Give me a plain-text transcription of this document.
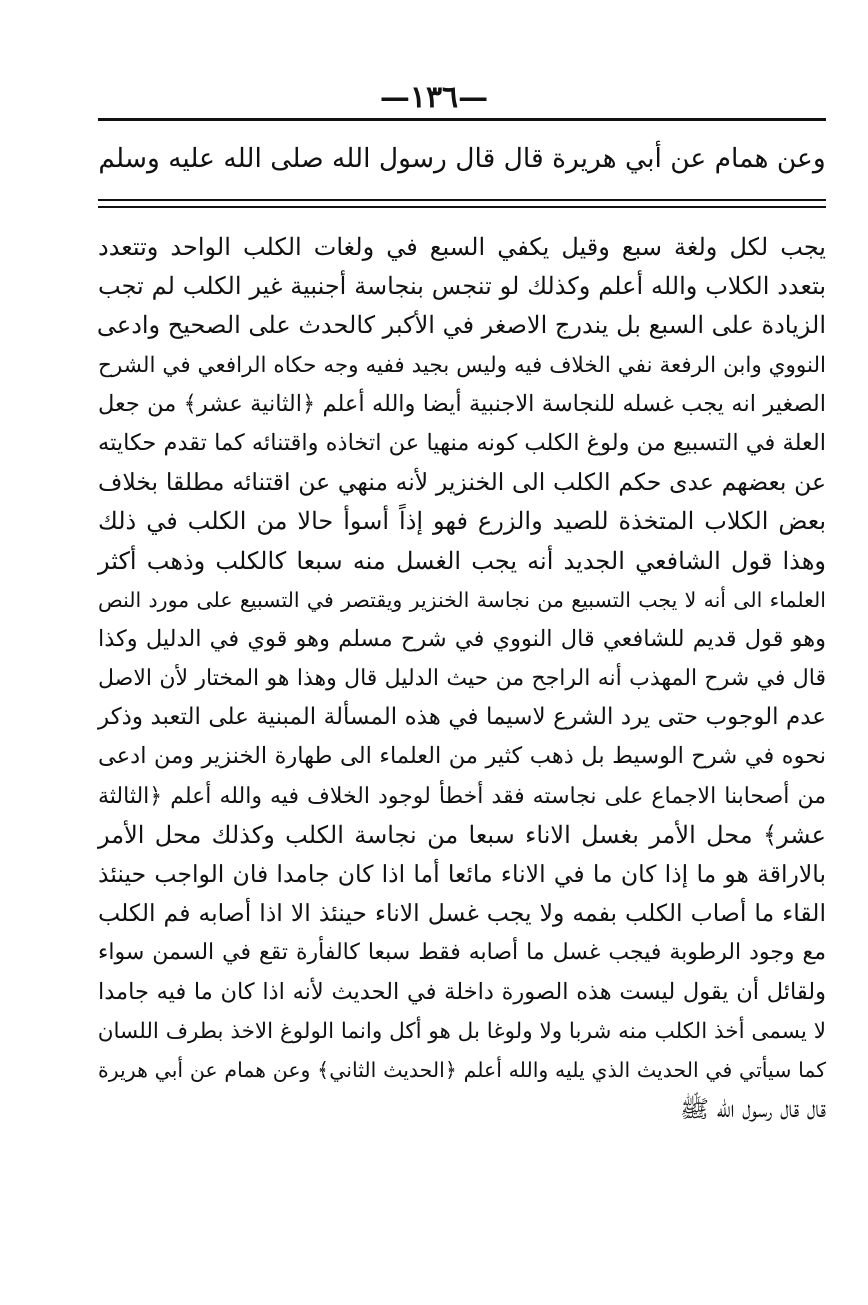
—١٣٦—
وعن همام عن أبي هريرة قال قال رسول الله صلى الله عليه وسلم
يجب لكل ولغة سبع وقيل يكفي السبع في ولغات الكلب الواحد وتتعدد
بتعدد الكلاب والله أعلم وكذلك لو تنجس بنجاسة أجنبية غير الكلب لم تجب
الزيادة على السبع بل يندرج الاصغر في الأكبر كالحدث على الصحيح وادعى
النووي وابن الرفعة نفي الخلاف فيه وليس بجيد ففيه وجه حكاه الرافعي في الشرح
الصغير انه يجب غسله للنجاسة الاجنبية أيضا والله أعلم ﴿الثانية عشر﴾ من جعل
العلة في التسبيع من ولوغ الكلب كونه منهيا عن اتخاذه واقتنائه كما تقدم حكايته
عن بعضهم عدى حكم الكلب الى الخنزير لأنه منهي عن اقتنائه مطلقا بخلاف
بعض الكلاب المتخذة للصيد والزرع فهو إذاً أسوأ حالا من الكلب في ذلك
وهذا قول الشافعي الجديد أنه يجب الغسل منه سبعا كالكلب وذهب أكثر
العلماء الى أنه لا يجب التسبيع من نجاسة الخنزير ويقتصر في التسبيع على مورد النص
وهو قول قديم للشافعي قال النووي في شرح مسلم وهو قوي في الدليل وكذا
قال في شرح المهذب أنه الراجح من حيث الدليل قال وهذا هو المختار لأن الاصل
عدم الوجوب حتى يرد الشرع لاسيما في هذه المسألة المبنية على التعبد وذكر
نحوه في شرح الوسيط بل ذهب كثير من العلماء الى طهارة الخنزير ومن ادعى
من أصحابنا الاجماع على نجاسته فقد أخطأ لوجود الخلاف فيه والله أعلم ﴿الثالثة
عشر﴾ محل الأمر بغسل الاناء سبعا من نجاسة الكلب وكذلك محل الأمر
بالاراقة هو ما إذا كان ما في الاناء مائعا أما اذا كان جامدا فان الواجب حينئذ
القاء ما أصاب الكلب بفمه ولا يجب غسل الاناء حينئذ الا اذا أصابه فم الكلب
مع وجود الرطوبة فيجب غسل ما أصابه فقط سبعا كالفأرة تقع في السمن سواء
ولقائل أن يقول ليست هذه الصورة داخلة في الحديث لأنه اذا كان ما فيه جامدا
لا يسمى أخذ الكلب منه شربا ولا ولوغا بل هو أكل وانما الولوغ الاخذ بطرف اللسان
كما سيأتي في الحديث الذي يليه والله أعلم ﴿الحديث الثاني﴾ وعن همام عن أبي هريرة
قال قال رسول الله ﷺ
